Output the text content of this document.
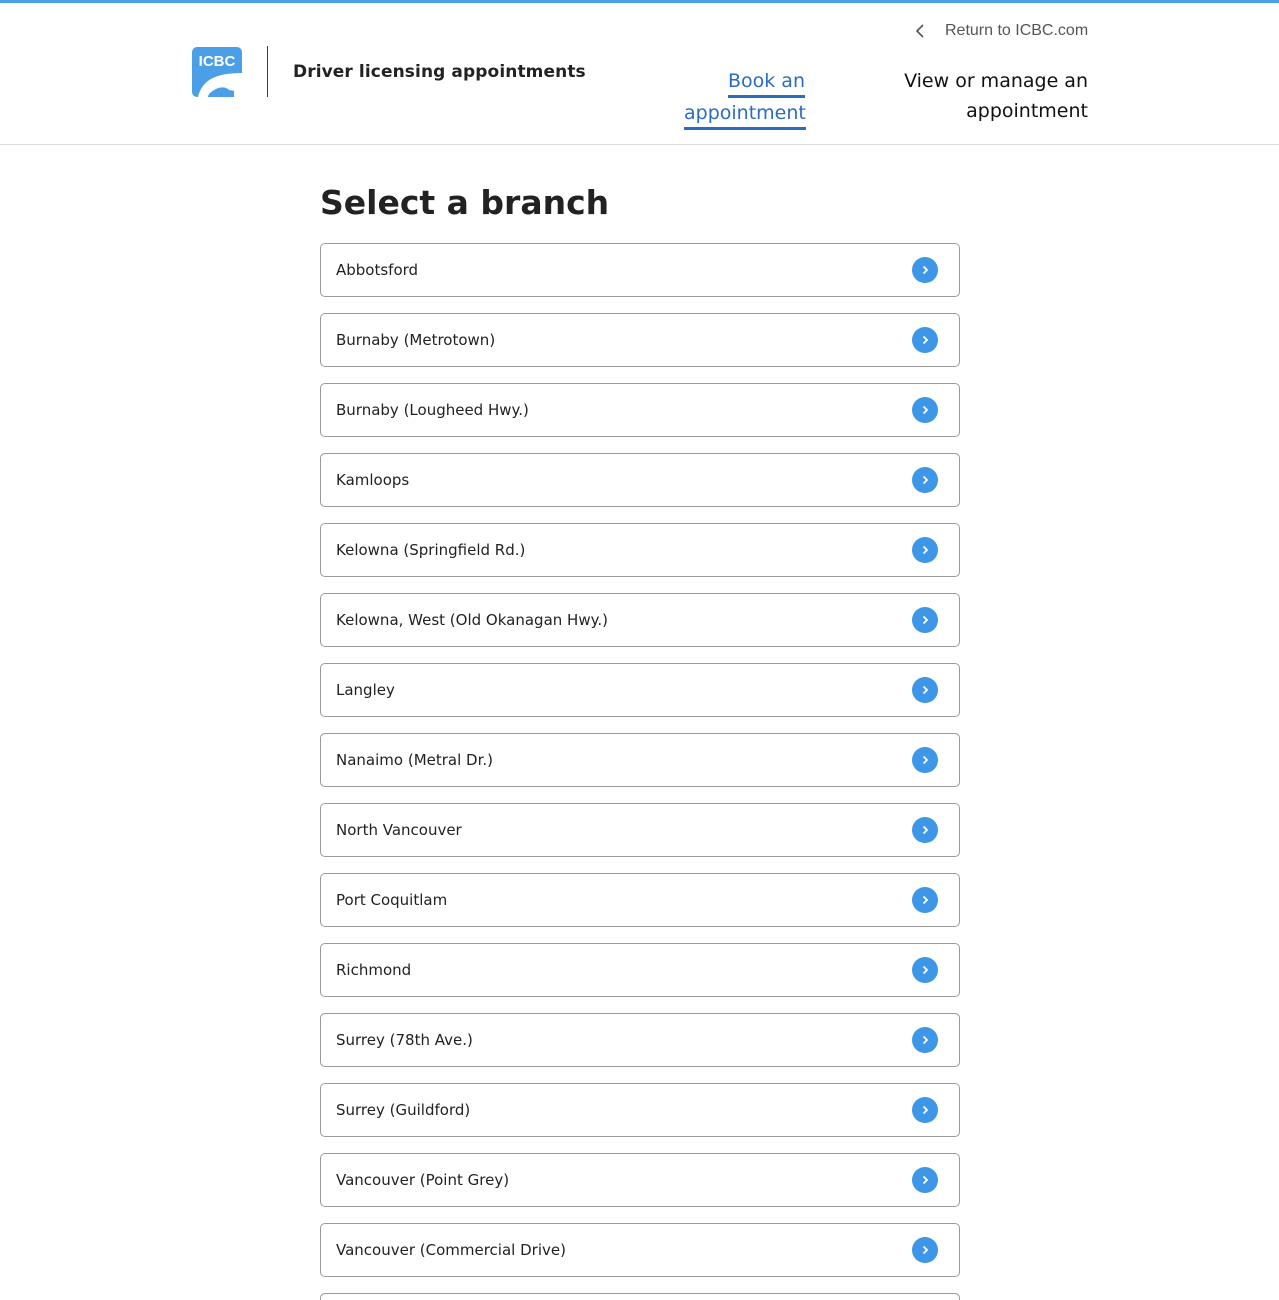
ICBC
Driver licensing appointments
Return to ICBC.com
Book an
appointment
View or manage an
appointment
Select a branch
Abbotsford
Burnaby (Metrotown)
Burnaby (Lougheed Hwy.)
Kamloops
Kelowna (Springfield Rd.)
Kelowna, West (Old Okanagan Hwy.)
Langley
Nanaimo (Metral Dr.)
North Vancouver
Port Coquitlam
Richmond
Surrey (78th Ave.)
Surrey (Guildford)
Vancouver (Point Grey)
Vancouver (Commercial Drive)
